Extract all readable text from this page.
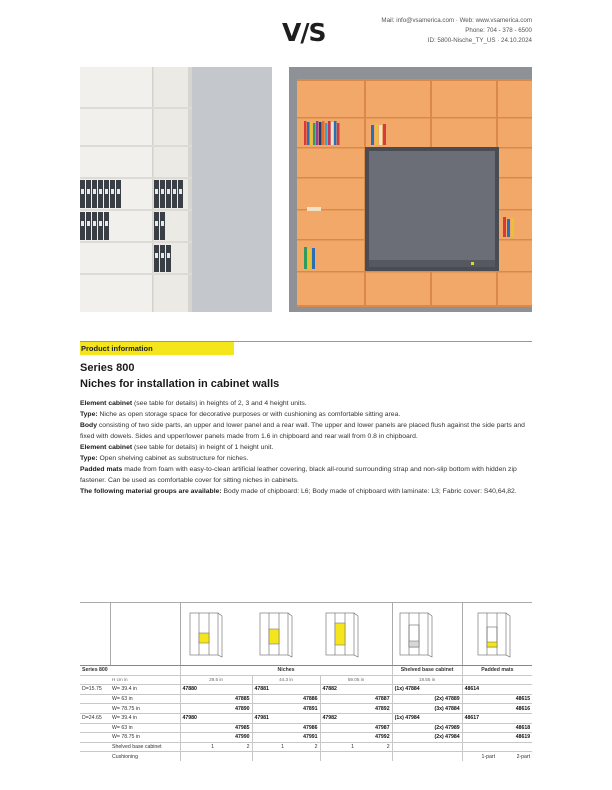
V/S	Mail: info@vsamerica.com · Web: www.vsamerica.com
Phone: 704 - 378 - 6500
ID: 5800-Nische_TY_US · 24.10.2024
Product information
Series 800
Niches for installation in cabinet walls

Element cabinet (see table for details) in heights of 2, 3 and 4 height units.

Type: Niche as open storage space for decorative purposes or with cushioning as comfortable sitting area.

Body consisting of two side parts, an upper and lower panel and a rear wall. The upper and lower panels are placed flush against the side parts and fixed with dowels. Sides and upper/lower panels made from 1.6 in chipboard and rear wall from 0.8 in chipboard.

Element cabinet (see table for details) in height of 1 height unit.

Type: Open shelving cabinet as substructure for niches.

Padded mats made from foam with easy-to-clean artificial leather covering, black all-round surrounding strap and non-slip bottom with hidden zip fastener. Can be used as comfortable cover for sitting niches in cabinets.

The following material groups are available: Body made of chipboard: L6; Body made of chipboard with laminate: L3; Fabric cover: S40,64,82.

Series 800		Niches						Shelved base cabinet		Padded mats	
	H cm in	29.5 in		44.3 in		59.05 in		18.55 in			
D=15.75	W= 39.4 in	47880		47881		47882		(1x) 47884		48614	
	W= 63 in		47885		47886		47887		(2x) 47889		48615
	W= 78.75 in		47890		47891		47892		(3x) 47884		48616
D=24.65	W= 39.4 in	47980		47981		47982		(1x) 47984		48617	
	W= 63 in		47985		47986		47987		(2x) 47989		48618
	W= 78.75 in		47990		47991		47992		(2x) 47984		48619
	Shelved base cabinet	1	2	1	2	1	2				
	Cushioning									1-part	2-part
